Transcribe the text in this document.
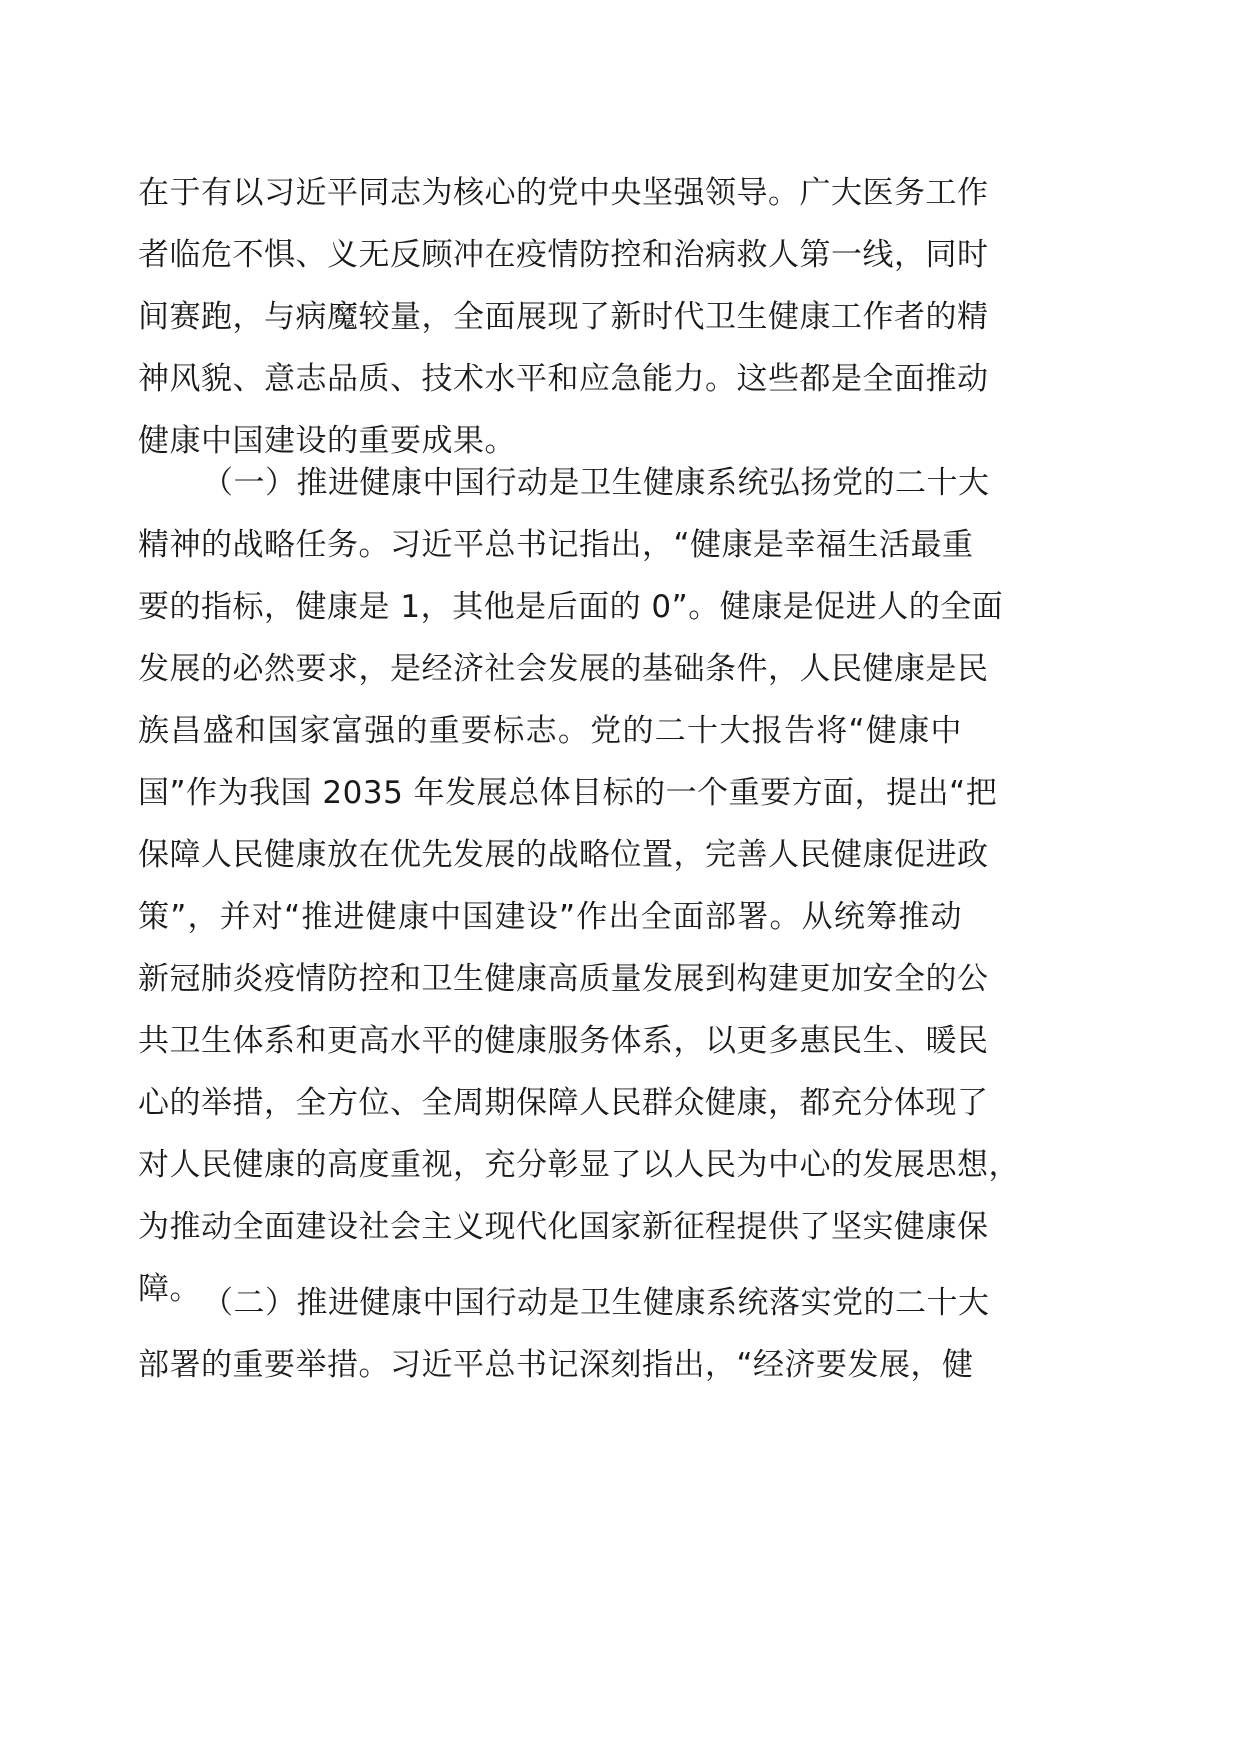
在于有以习近平同志为核心的党中央坚强领导。广大医务工作
者临危不惧、义无反顾冲在疫情防控和治病救人第一线，同时
间赛跑，与病魔较量，全面展现了新时代卫生健康工作者的精
神风貌、意志品质、技术水平和应急能力。这些都是全面推动
健康中国建设的重要成果。
（一）推进健康中国行动是卫生健康系统弘扬党的二十大
精神的战略任务。习近平总书记指出，“健康是幸福生活最重
要的指标，健康是 1，其他是后面的 0”。健康是促进人的全面
发展的必然要求，是经济社会发展的基础条件，人民健康是民
族昌盛和国家富强的重要标志。党的二十大报告将“健康中
国”作为我国 2035 年发展总体目标的一个重要方面，提出“把
保障人民健康放在优先发展的战略位置，完善人民健康促进政
策”，并对“推进健康中国建设”作出全面部署。从统筹推动
新冠肺炎疫情防控和卫生健康高质量发展到构建更加安全的公
共卫生体系和更高水平的健康服务体系，以更多惠民生、暖民
心的举措，全方位、全周期保障人民群众健康，都充分体现了
对人民健康的高度重视，充分彰显了以人民为中心的发展思想，
为推动全面建设社会主义现代化国家新征程提供了坚实健康保
障。 （二）推进健康中国行动是卫生健康系统落实党的二十大
部署的重要举措。习近平总书记深刻指出，“经济要发展，健
